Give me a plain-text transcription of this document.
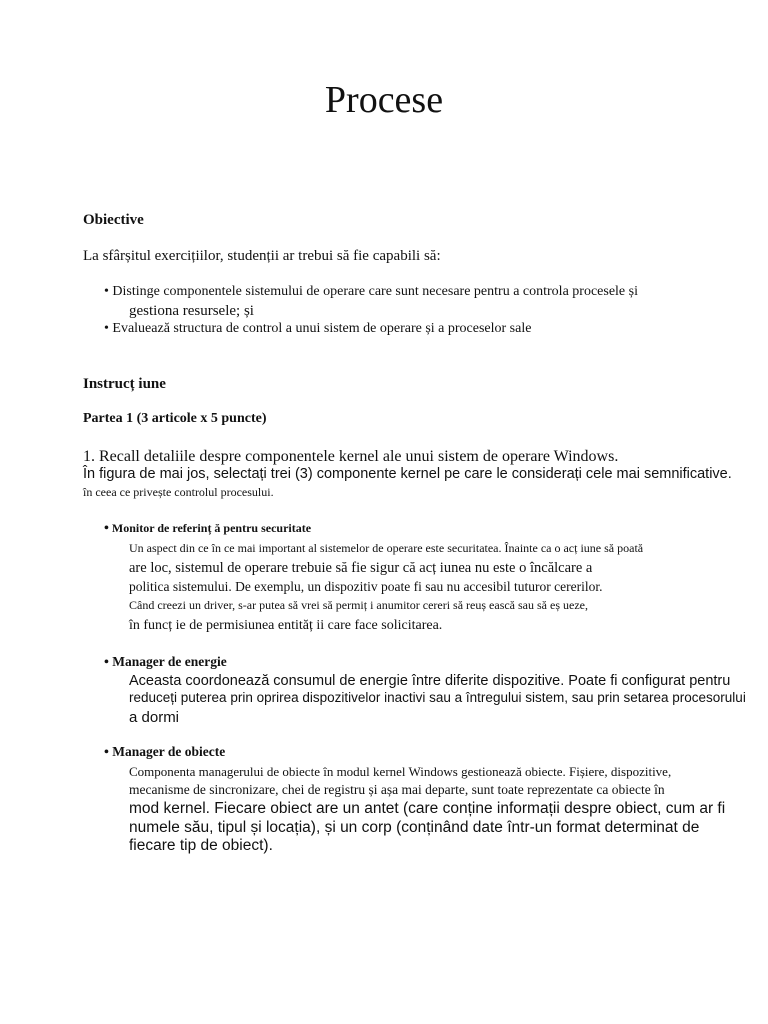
Procese
Obiective
La sfârșitul exercițiilor, studenții ar trebui să fie capabili să:
• Distinge componentele sistemului de operare care sunt necesare pentru a controla procesele și
gestiona resursele; și
• Evaluează structura de control a unui sistem de operare și a proceselor sale
Instrucț iune
Partea 1 (3 articole x 5 puncte)
1. Recall detaliile despre componentele kernel ale unui sistem de operare Windows.
În figura de mai jos, selectați trei (3) componente kernel pe care le considerați cele mai semnificative.
în ceea ce privește controlul procesului.
• Monitor de referinț ă pentru securitate
Un aspect din ce în ce mai important al sistemelor de operare este securitatea. Înainte ca o acț iune să poată
are loc, sistemul de operare trebuie să fie sigur că acț iunea nu este o încălcare a
politica sistemului. De exemplu, un dispozitiv poate fi sau nu accesibil tuturor cererilor.
Când creezi un driver, s-ar putea să vrei să permiț i anumitor cereri să reuș ească sau să eș ueze,
în funcț ie de permisiunea entităț ii care face solicitarea.
• Manager de energie
Aceasta coordonează consumul de energie între diferite dispozitive. Poate fi configurat pentru
reduceți puterea prin oprirea dispozitivelor inactivi sau a întregului sistem, sau prin setarea procesorului
a dormi
• Manager de obiecte
Componenta managerului de obiecte în modul kernel Windows gestionează obiecte. Fișiere, dispozitive,
mecanisme de sincronizare, chei de registru și așa mai departe, sunt toate reprezentate ca obiecte în
mod kernel. Fiecare obiect are un antet (care conține informații despre obiect, cum ar fi
numele său, tipul și locația), și un corp (conținând date într-un format determinat de
fiecare tip de obiect).
